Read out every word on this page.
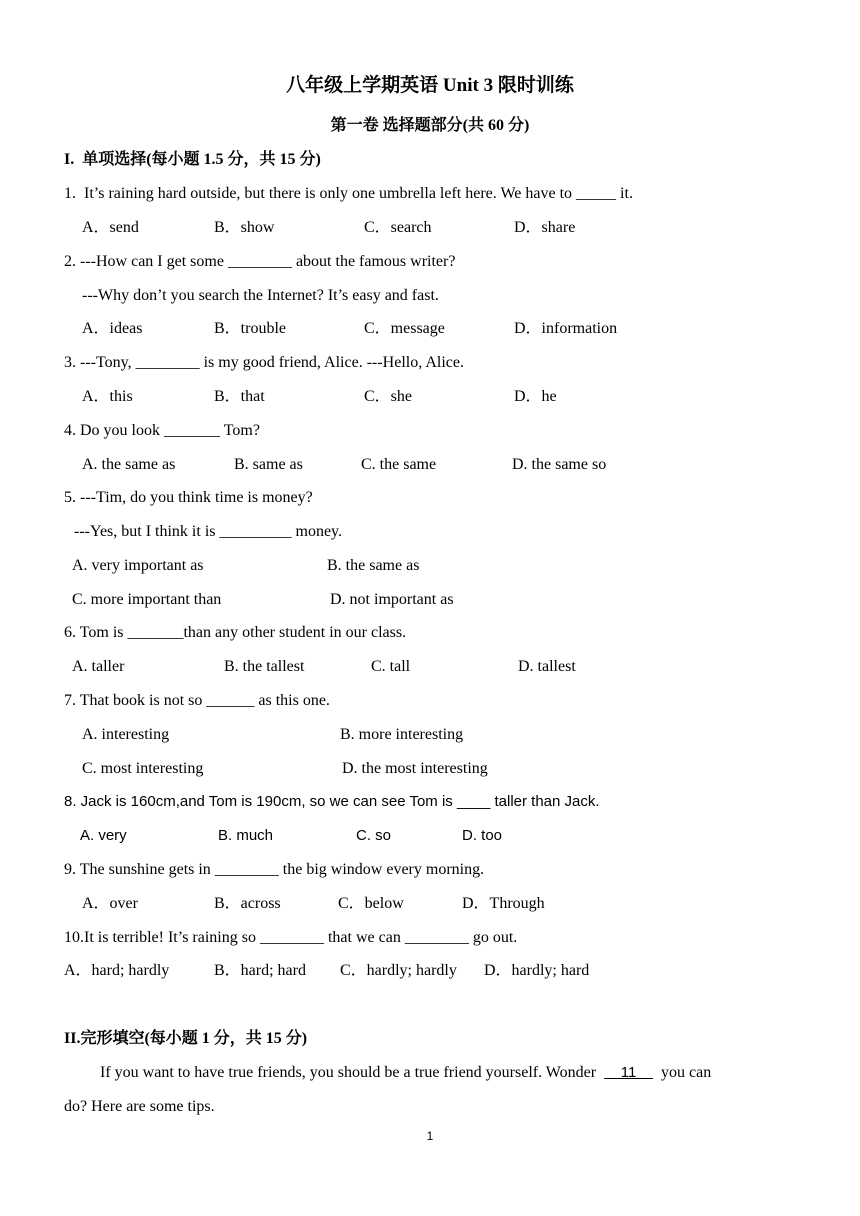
八年级上学期英语 Unit 3 限时训练
第一卷 选择题部分(共 60 分)
I.  单项选择(每小题 1.5 分，共 15 分)
1.  It’s raining hard outside, but there is only one umbrella left here. We have to _____ it.
A．send	B．show	C．search	D．share
2. ---How can I get some ________ about the famous writer?
---Why don’t you search the Internet? It’s easy and fast.
A．ideas	B．trouble	C．message	D．information
3. ---Tony, ________ is my good friend, Alice. ---Hello, Alice.
A．this	B．that	C．she	D．he
4. Do you look _______ Tom?
A. the same as	B. same as	C. the same	D. the same so
5. ---Tim, do you think time is money?
---Yes, but I think it is _________ money.
A. very important as	B. the same as
C. more important than	D. not important as
6. Tom is _______than any other student in our class.
A. taller	B. the tallest	C. tall	D. tallest
7. That book is not so ______ as this one.
A. interesting	B. more interesting
C. most interesting	D. the most interesting
8. Jack is 160cm,and Tom is 190cm, so we can see Tom is ____ taller than Jack.
A. very	B. much	C. so	D. too
9. The sunshine gets in ________ the big window every morning.
A．over	B．across	C．below	D．Through
10.It is terrible! It’s raining so ________ that we can ________ go out.
A．hard; hardly	B．hard; hard C．hardly; hardly D．hardly; hard
II.完形填空(每小题 1 分，共 15 分)
If you want to have true friends, you should be a true friend yourself. Wonder      11      you can
do? Here are some tips.
1
